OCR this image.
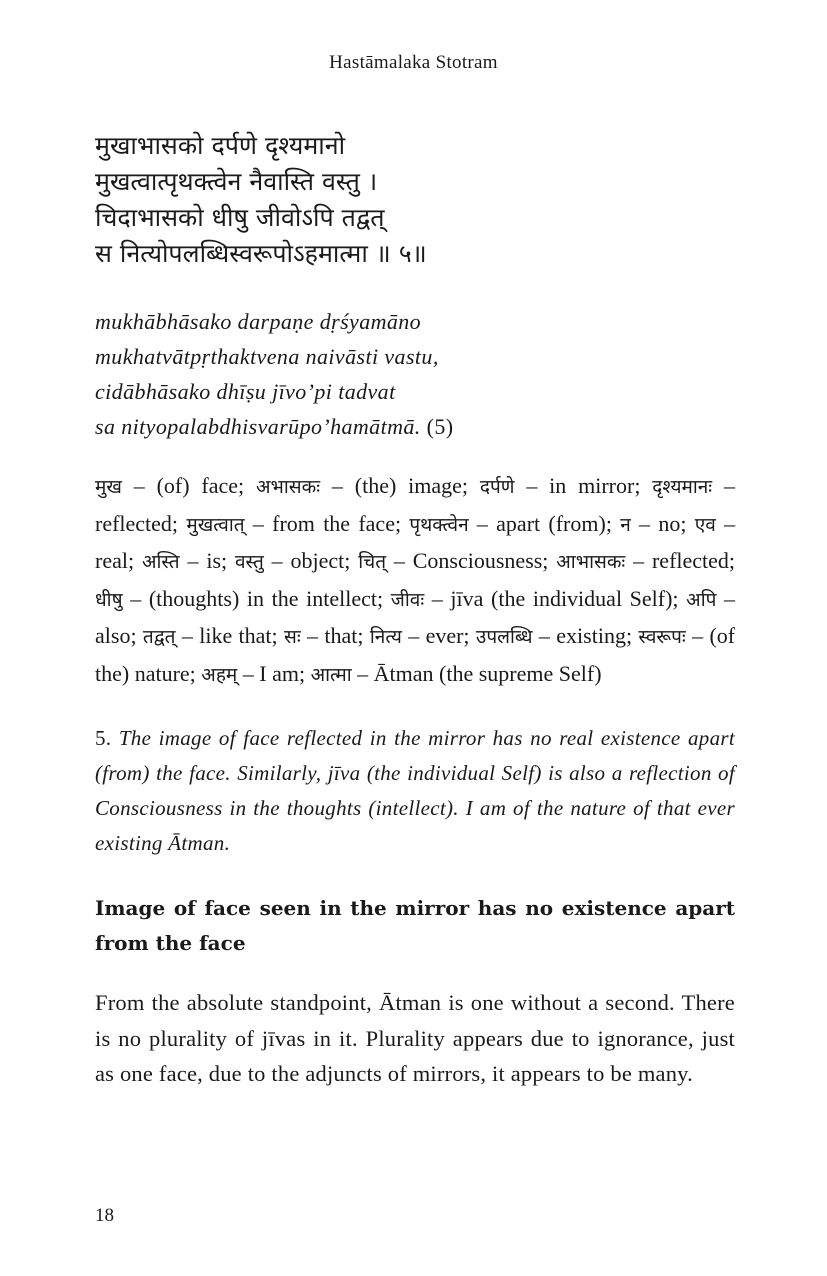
Hastāmalaka Stotram
मुखाभासको दर्पणे दृश्यमानो
मुखत्वात्पृथक्त्वेन नैवास्ति वस्तु ।
चिदाभासको धीषु जीवोऽपि तद्वत्
स नित्योपलब्धिस्वरूपोऽहमात्मा ॥ ५॥
mukhābhāsako darpaṇe dṛśyamāno
mukhatvātpṛthaktvena naivāsti vastu,
cidābhāsako dhīṣu jīvo’pi tadvat
sa nityopalabdhisvarūpo’hamātmā. (5)
मुख – (of) face; अभासकः – (the) image; दर्पणे – in mirror; दृश्यमानः – reflected; मुखत्वात् – from the face; पृथक्त्वेन – apart (from); न – no; एव – real; अस्ति – is; वस्तु – object; चित् – Consciousness; आभासकः – reflected; धीषु – (thoughts) in the intellect; जीवः – jīva (the individual Self); अपि – also; तद्वत् – like that; सः – that; नित्य – ever; उपलब्धि – existing; स्वरूपः – (of the) nature; अहम् – I am; आत्मा – Ātman (the supreme Self)
5. The image of face reflected in the mirror has no real existence apart (from) the face. Similarly, jīva (the individual Self) is also a reflection of Consciousness in the thoughts (intellect). I am of the nature of that ever existing Ātman.
Image of face seen in the mirror has no existence apart from the face
From the absolute standpoint, Ātman is one without a second. There is no plurality of jīvas in it. Plurality appears due to ignorance, just as one face, due to the adjuncts of mirrors, it appears to be many.
18
